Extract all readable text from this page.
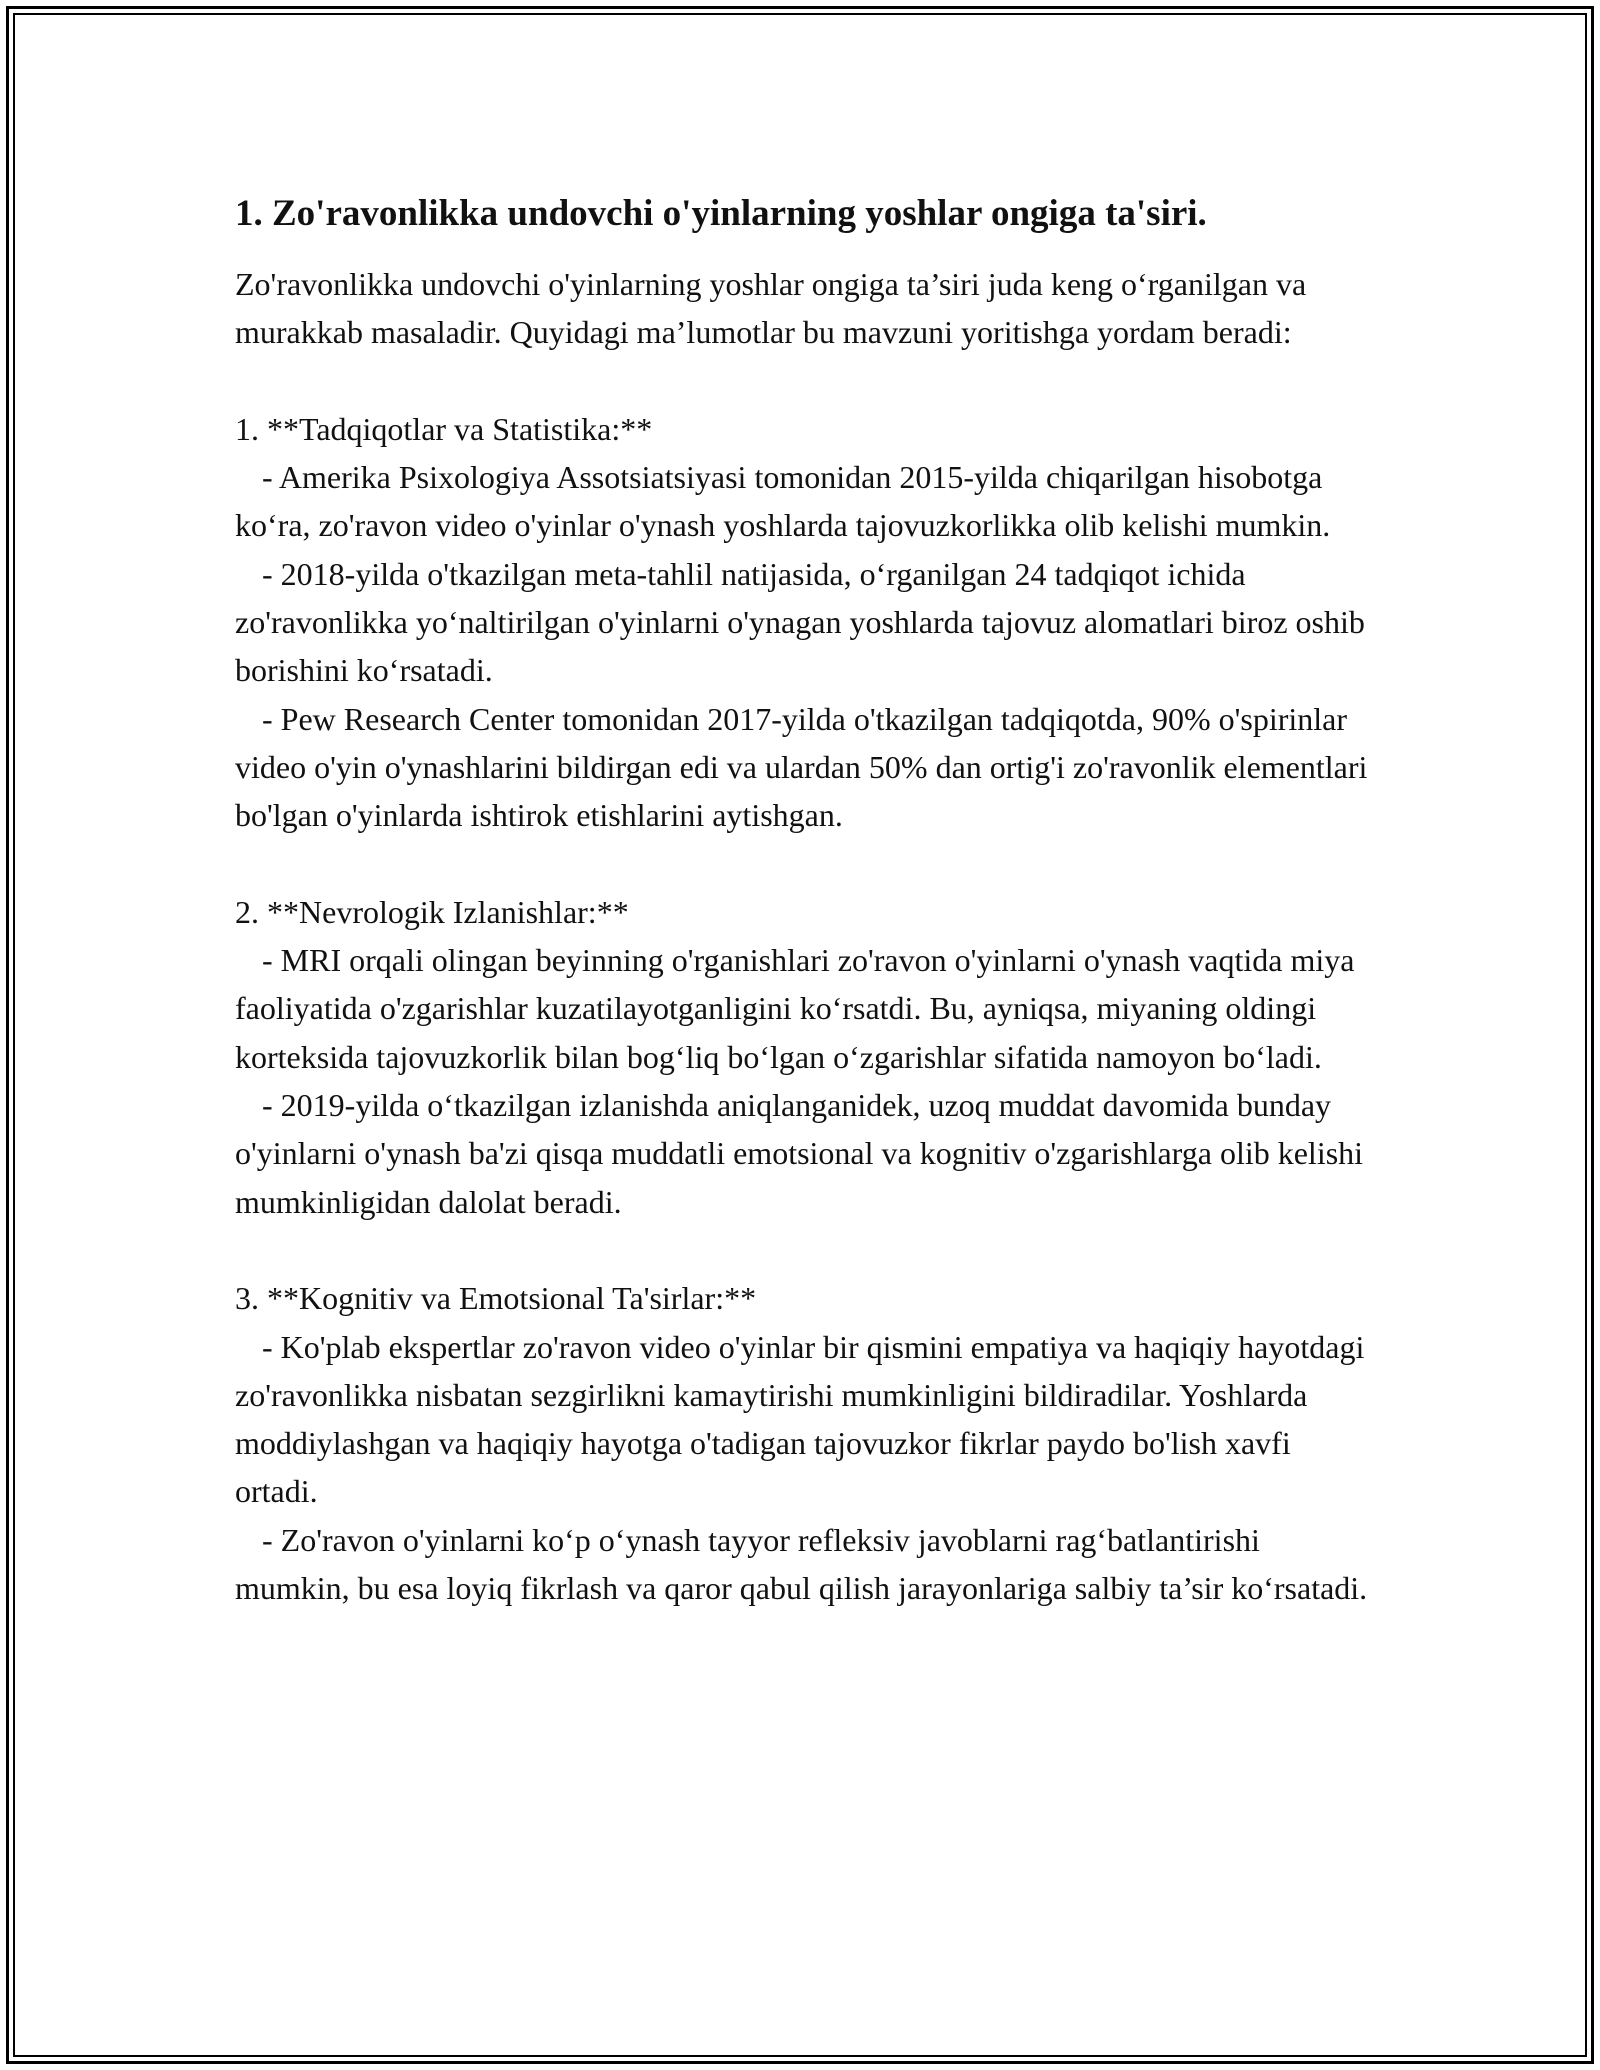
1. Zo'ravonlikka undovchi o'yinlarning yoshlar ongiga ta'siri.

Zo'ravonlikka undovchi o'yinlarning yoshlar ongiga ta’siri juda keng o‘rganilgan va murakkab masaladir. Quyidagi ma’lumotlar bu mavzuni yoritishga yordam beradi:

1. **Tadqiqotlar va Statistika:**
- Amerika Psixologiya Assotsiatsiyasi tomonidan 2015-yilda chiqarilgan hisobotga ko‘ra, zo'ravon video o'yinlar o'ynash yoshlarda tajovuzkorlikka olib kelishi mumkin.
- 2018-yilda o'tkazilgan meta-tahlil natijasida, o‘rganilgan 24 tadqiqot ichida zo'ravonlikka yo‘naltirilgan o'yinlarni o'ynagan yoshlarda tajovuz alomatlari biroz oshib borishini ko‘rsatadi.
- Pew Research Center tomonidan 2017-yilda o'tkazilgan tadqiqotda, 90% o'spirinlar video o'yin o'ynashlarini bildirgan edi va ulardan 50% dan ortig'i zo'ravonlik elementlari bo'lgan o'yinlarda ishtirok etishlarini aytishgan.
2. **Nevrologik Izlanishlar:**
- MRI orqali olingan beyinning o'rganishlari zo'ravon o'yinlarni o'ynash vaqtida miya faoliyatida o'zgarishlar kuzatilayotganligini ko‘rsatdi. Bu, ayniqsa, miyaning oldingi korteksida tajovuzkorlik bilan bog‘liq bo‘lgan o‘zgarishlar sifatida namoyon bo‘ladi.
- 2019-yilda o‘tkazilgan izlanishda aniqlanganidek, uzoq muddat davomida bunday o'yinlarni o'ynash ba'zi qisqa muddatli emotsional va kognitiv o'zgarishlarga olib kelishi mumkinligidan dalolat beradi.
3. **Kognitiv va Emotsional Ta'sirlar:**
- Ko'plab ekspertlar zo'ravon video o'yinlar bir qismini empatiya va haqiqiy hayotdagi zo'ravonlikka nisbatan sezgirlikni kamaytirishi mumkinligini bildiradilar. Yoshlarda moddiylashgan va haqiqiy hayotga o'tadigan tajovuzkor fikrlar paydo bo'lish xavfi ortadi.
- Zo'ravon o'yinlarni ko‘p o‘ynash tayyor refleksiv javoblarni rag‘batlantirishi mumkin, bu esa loyiq fikrlash va qaror qabul qilish jarayonlariga salbiy ta’sir ko‘rsatadi.
